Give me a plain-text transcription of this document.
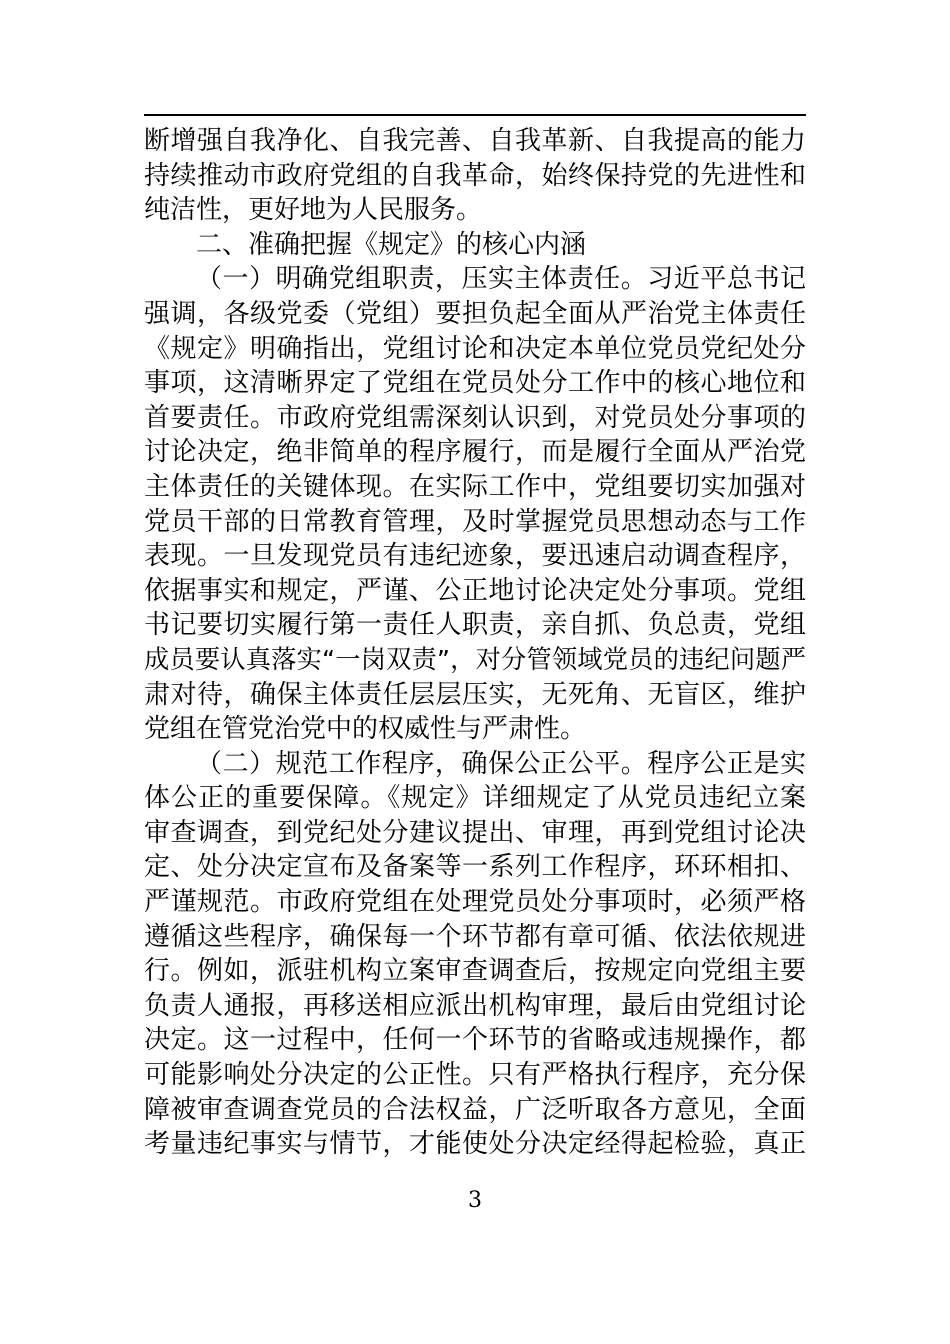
断增强自我净化、自我完善、自我革新、自我提高的能力
持续推动市政府党组的自我革命，始终保持党的先进性和
纯洁性，更好地为人民服务。
二、准确把握《规定》的核心内涵
（一）明确党组职责，压实主体责任。习近平总书记
强调，各级党委（党组）要担负起全面从严治党主体责任
《规定》明确指出，党组讨论和决定本单位党员党纪处分
事项，这清晰界定了党组在党员处分工作中的核心地位和
首要责任。市政府党组需深刻认识到，对党员处分事项的
讨论决定，绝非简单的程序履行，而是履行全面从严治党
主体责任的关键体现。在实际工作中，党组要切实加强对
党员干部的日常教育管理，及时掌握党员思想动态与工作
表现。一旦发现党员有违纪迹象，要迅速启动调查程序，
依据事实和规定，严谨、公正地讨论决定处分事项。党组
书记要切实履行第一责任人职责，亲自抓、负总责，党组
成员要认真落实“一岗双责”，对分管领域党员的违纪问题严
肃对待，确保主体责任层层压实，无死角、无盲区，维护
党组在管党治党中的权威性与严肃性。
（二）规范工作程序，确保公正公平。程序公正是实
体公正的重要保障。《规定》详细规定了从党员违纪立案
审查调查，到党纪处分建议提出、审理，再到党组讨论决
定、处分决定宣布及备案等一系列工作程序，环环相扣、
严谨规范。市政府党组在处理党员处分事项时，必须严格
遵循这些程序，确保每一个环节都有章可循、依法依规进
行。例如，派驻机构立案审查调查后，按规定向党组主要
负责人通报，再移送相应派出机构审理，最后由党组讨论
决定。这一过程中，任何一个环节的省略或违规操作，都
可能影响处分决定的公正性。只有严格执行程序，充分保
障被审查调查党员的合法权益，广泛听取各方意见，全面
考量违纪事实与情节，才能使处分决定经得起检验，真正
3
